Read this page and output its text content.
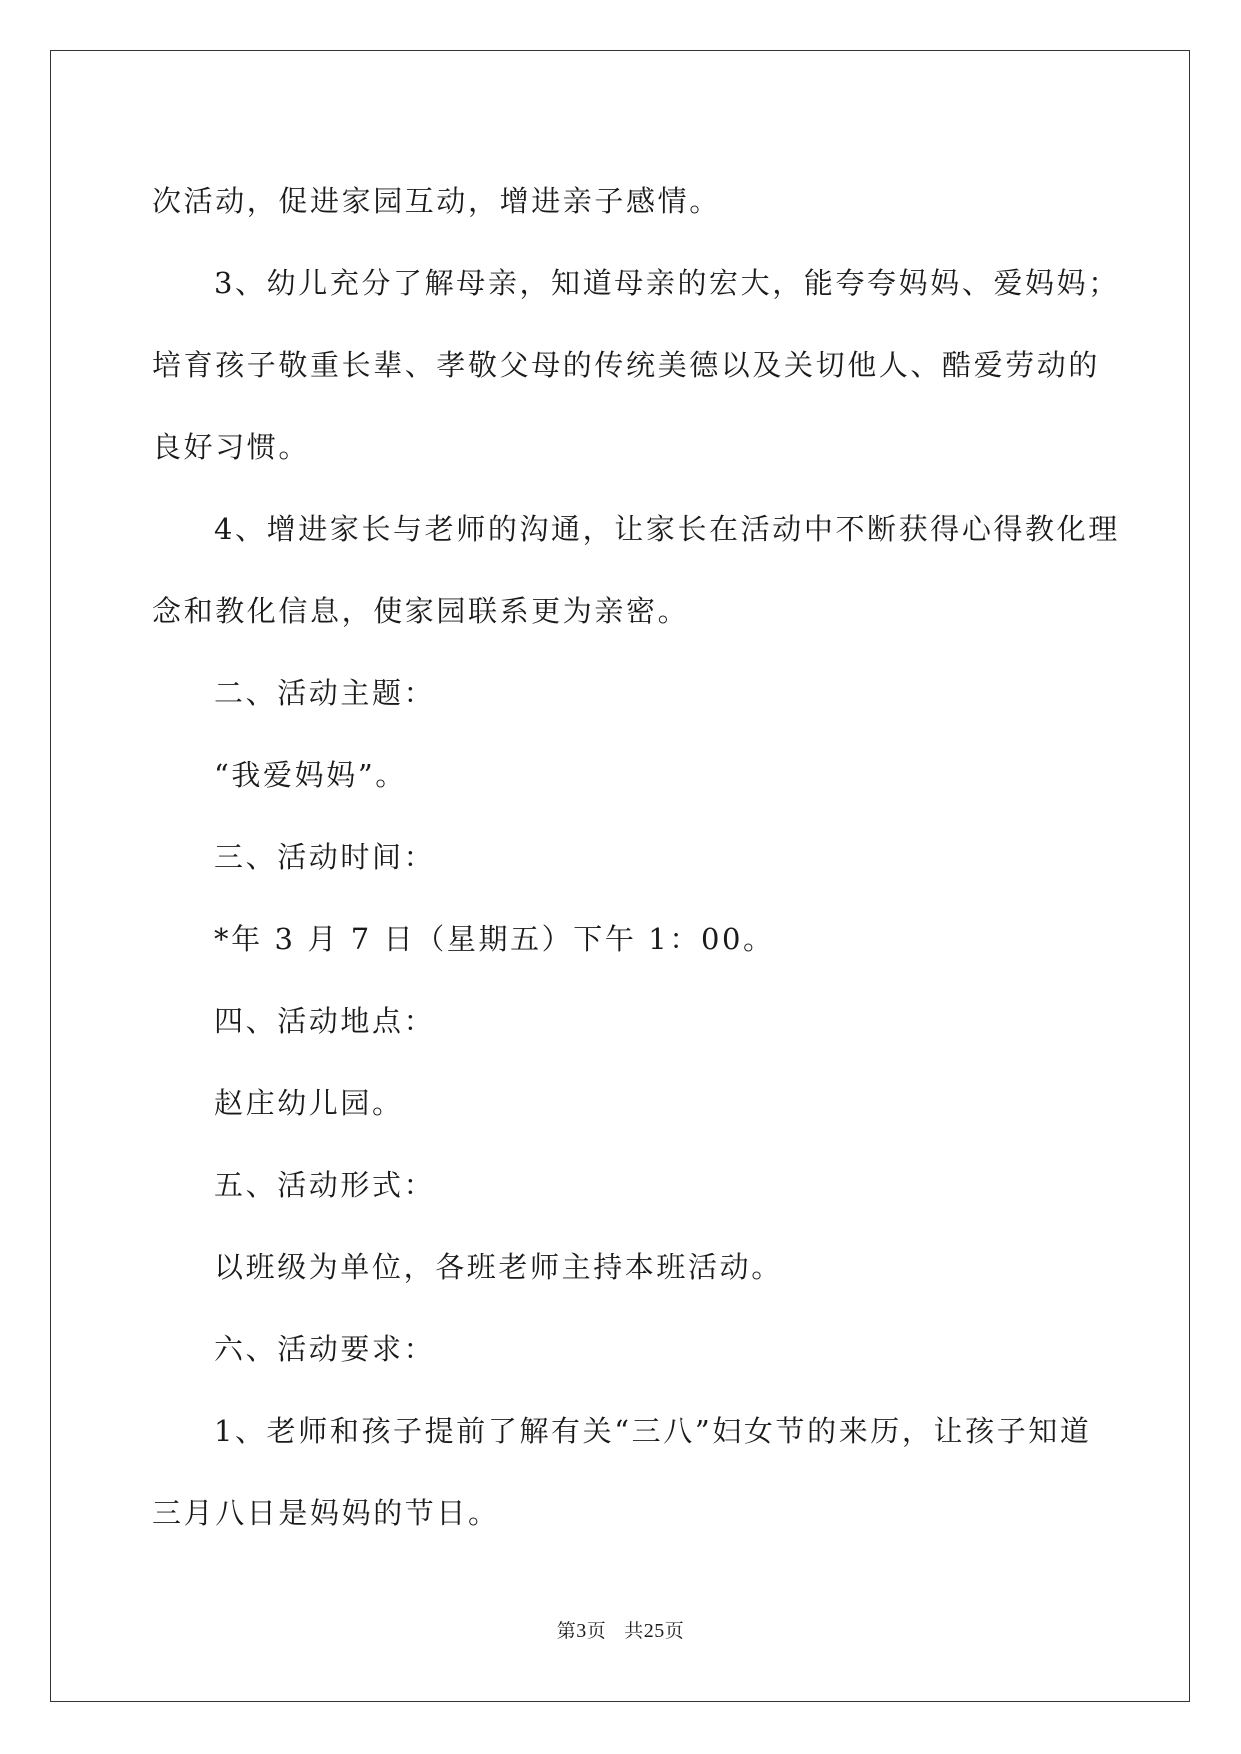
次活动，促进家园互动，增进亲子感情。
3、幼儿充分了解母亲，知道母亲的宏大，能夸夸妈妈、爱妈妈；
培育孩子敬重长辈、孝敬父母的传统美德以及关切他人、酷爱劳动的
良好习惯。
4、增进家长与老师的沟通，让家长在活动中不断获得心得教化理
念和教化信息，使家园联系更为亲密。
二、活动主题：
“我爱妈妈”。
三、活动时间：
*年 3 月 7 日（星期五）下午 1：00。
四、活动地点：
赵庄幼儿园。
五、活动形式：
以班级为单位，各班老师主持本班活动。
六、活动要求：
1、老师和孩子提前了解有关“三八”妇女节的来历，让孩子知道
三月八日是妈妈的节日。
第3页 共25页
